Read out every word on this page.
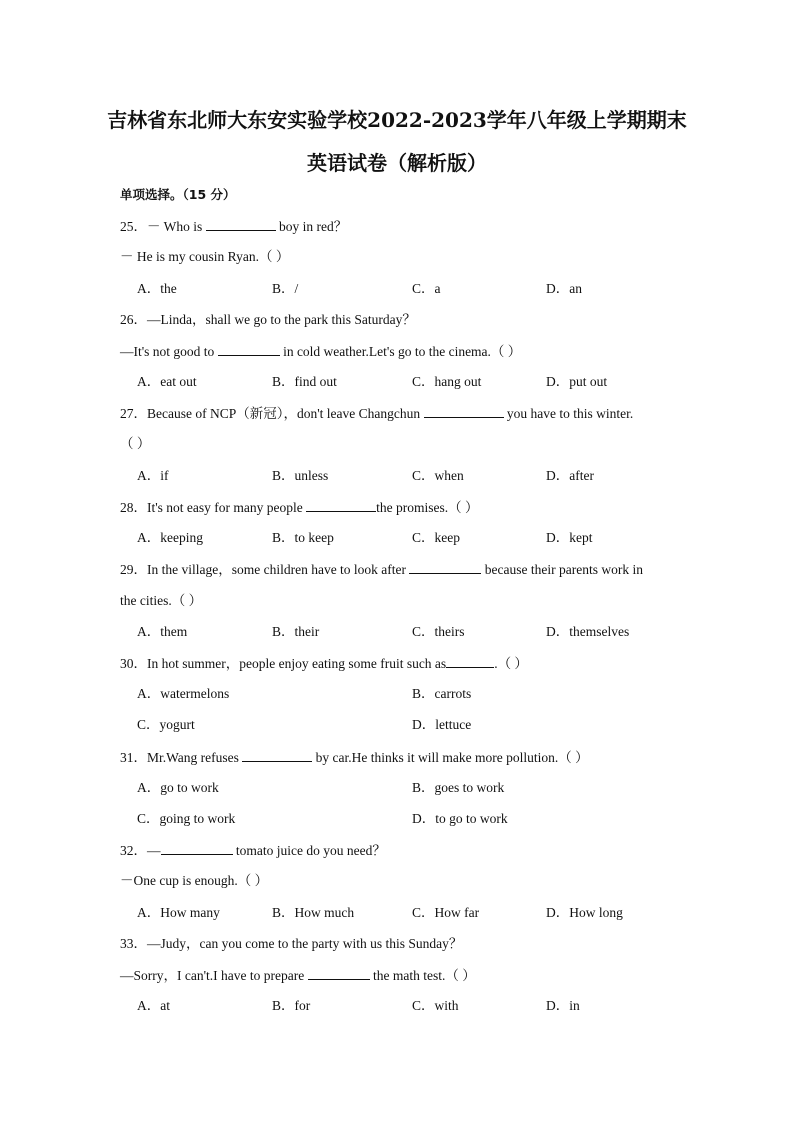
吉林省东北师大东安实验学校2022-2023学年八年级上学期期末
英语试卷（解析版）
单项选择。（15 分）
25．－ Who is	boy in red？
－ He is my cousin Ryan.（ ）
A．the	B．/	C．a	D．an
26．—Linda，shall we go to the park this Saturday？
—It's not good to	in cold weather.Let's go to the cinema.（ ）
A．eat out	B．find out	C．hang out	D．put out
27．Because of NCP（新冠），don't leave Changchun	you have to this winter.
（ ）
A．if	B．unless	C．when	D．after
28．It's not easy for many people	the promises.（ ）
A．keeping	B．to keep	C．keep	D．kept
29．In the village，some children have to look after	because their parents work in
the cities.（ ）
A．them	B．their	C．theirs	D．themselves
30．In hot summer，people enjoy eating some fruit such as	.（ ）
A．watermelons	B．carrots
C．yogurt	D．lettuce
31．Mr.Wang refuses	by car.He thinks it will make more pollution.（ ）
A．go to work	B．goes to work
C．going to work	D．to go to work
32．—	tomato juice do you need？
－One cup is enough.（ ）
A．How many	B．How much	C．How far	D．How long
33．—Judy，can you come to the party with us this Sunday？
—Sorry，I can't.I have to prepare	the math test.（ ）
A．at	B．for	C．with	D．in
